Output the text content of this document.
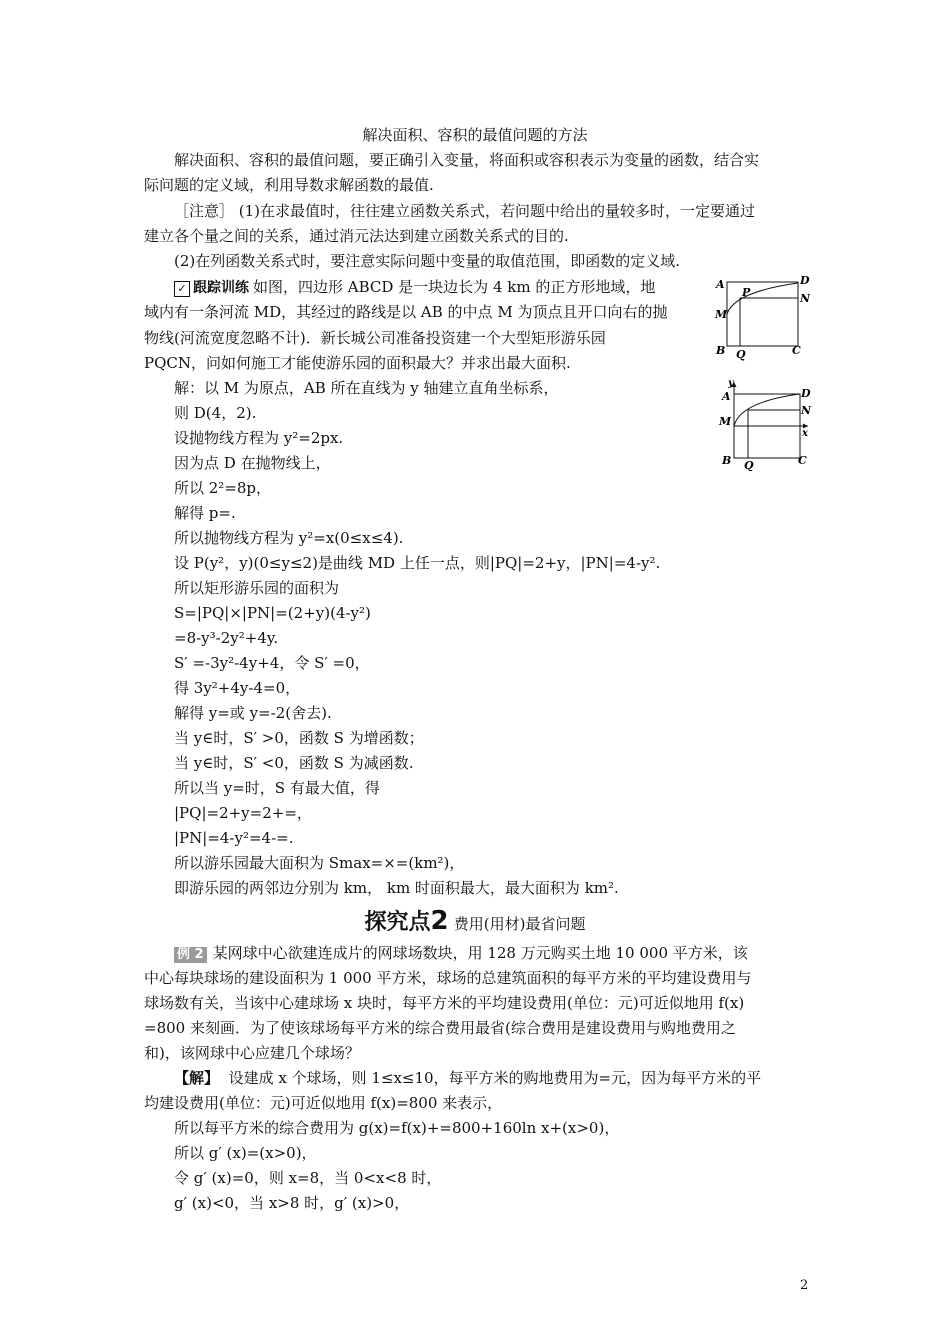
解决面积、容积的最值问题的方法
解决面积、容积的最值问题，要正确引入变量，将面积或容积表示为变量的函数，结合实
际问题的定义域，利用导数求解函数的最值.
［注意］ (1)在求最值时，往往建立函数关系式，若问题中给出的量较多时，一定要通过
建立各个量之间的关系，通过消元法达到建立函数关系式的目的.
(2)在列函数关系式时，要注意实际问题中变量的取值范围，即函数的定义域.
✓ 跟踪训练 如图，四边形 ABCD 是一块边长为 4 km 的正方形地域，地
域内有一条河流 MD，其经过的路线是以 AB 的中点 M 为顶点且开口向右的抛
物线(河流宽度忽略不计)．新长城公司准备投资建一个大型矩形游乐园
PQCN，问如何施工才能使游乐园的面积最大？并求出最大面积.
A	D
P	N
M
B Q	C
解：以 M 为原点，AB 所在直线为 y 轴建立直角坐标系，
则 D(4，2).
设抛物线方程为 y²=2px.
因为点 D 在抛物线上，
所以 2²=8p，
解得 p=.
所以抛物线方程为 y²=x(0≤x≤4).
设 P(y²，y)(0≤y≤2)是曲线 MD 上任一点，则|PQ|=2+y，|PN|=4-y².
所以矩形游乐园的面积为
S=|PQ|×|PN|=(2+y)(4-y²)
=8-y³-2y²+4y.
S′ =-3y²-4y+4，令 S′ =0，
得 3y²+4y-4=0，
解得 y=或 y=-2(舍去).
当 y∈时，S′ >0，函数 S 为增函数；
当 y∈时，S′ <0，函数 S 为减函数.
所以当 y=时，S 有最大值，得
|PQ|=2+y=2+=，
|PN|=4-y²=4-=.
所以游乐园最大面积为 Smax=×=(km²)，
即游乐园的两邻边分别为 km， km 时面积最大，最大面积为 km².
y
A	D
N
M
x
B Q	C
探究点2 费用(用材)最省问题
例 2 某网球中心欲建连成片的网球场数块，用 128 万元购买土地 10 000 平方米，该
中心每块球场的建设面积为 1 000 平方米，球场的总建筑面积的每平方米的平均建设费用与
球场数有关，当该中心建球场 x 块时，每平方米的平均建设费用(单位：元)可近似地用 f(x)
=800 来刻画．为了使该球场每平方米的综合费用最省(综合费用是建设费用与购地费用之
和)，该网球中心应建几个球场？
【解】 设建成 x 个球场，则 1≤x≤10，每平方米的购地费用为=元，因为每平方米的平
均建设费用(单位：元)可近似地用 f(x)=800 来表示，
所以每平方米的综合费用为 g(x)=f(x)+=800+160ln x+(x>0)，
所以 g′ (x)=(x>0)，
令 g′ (x)=0，则 x=8，当 0<x<8 时，
g′ (x)<0，当 x>8 时，g′ (x)>0，
2
